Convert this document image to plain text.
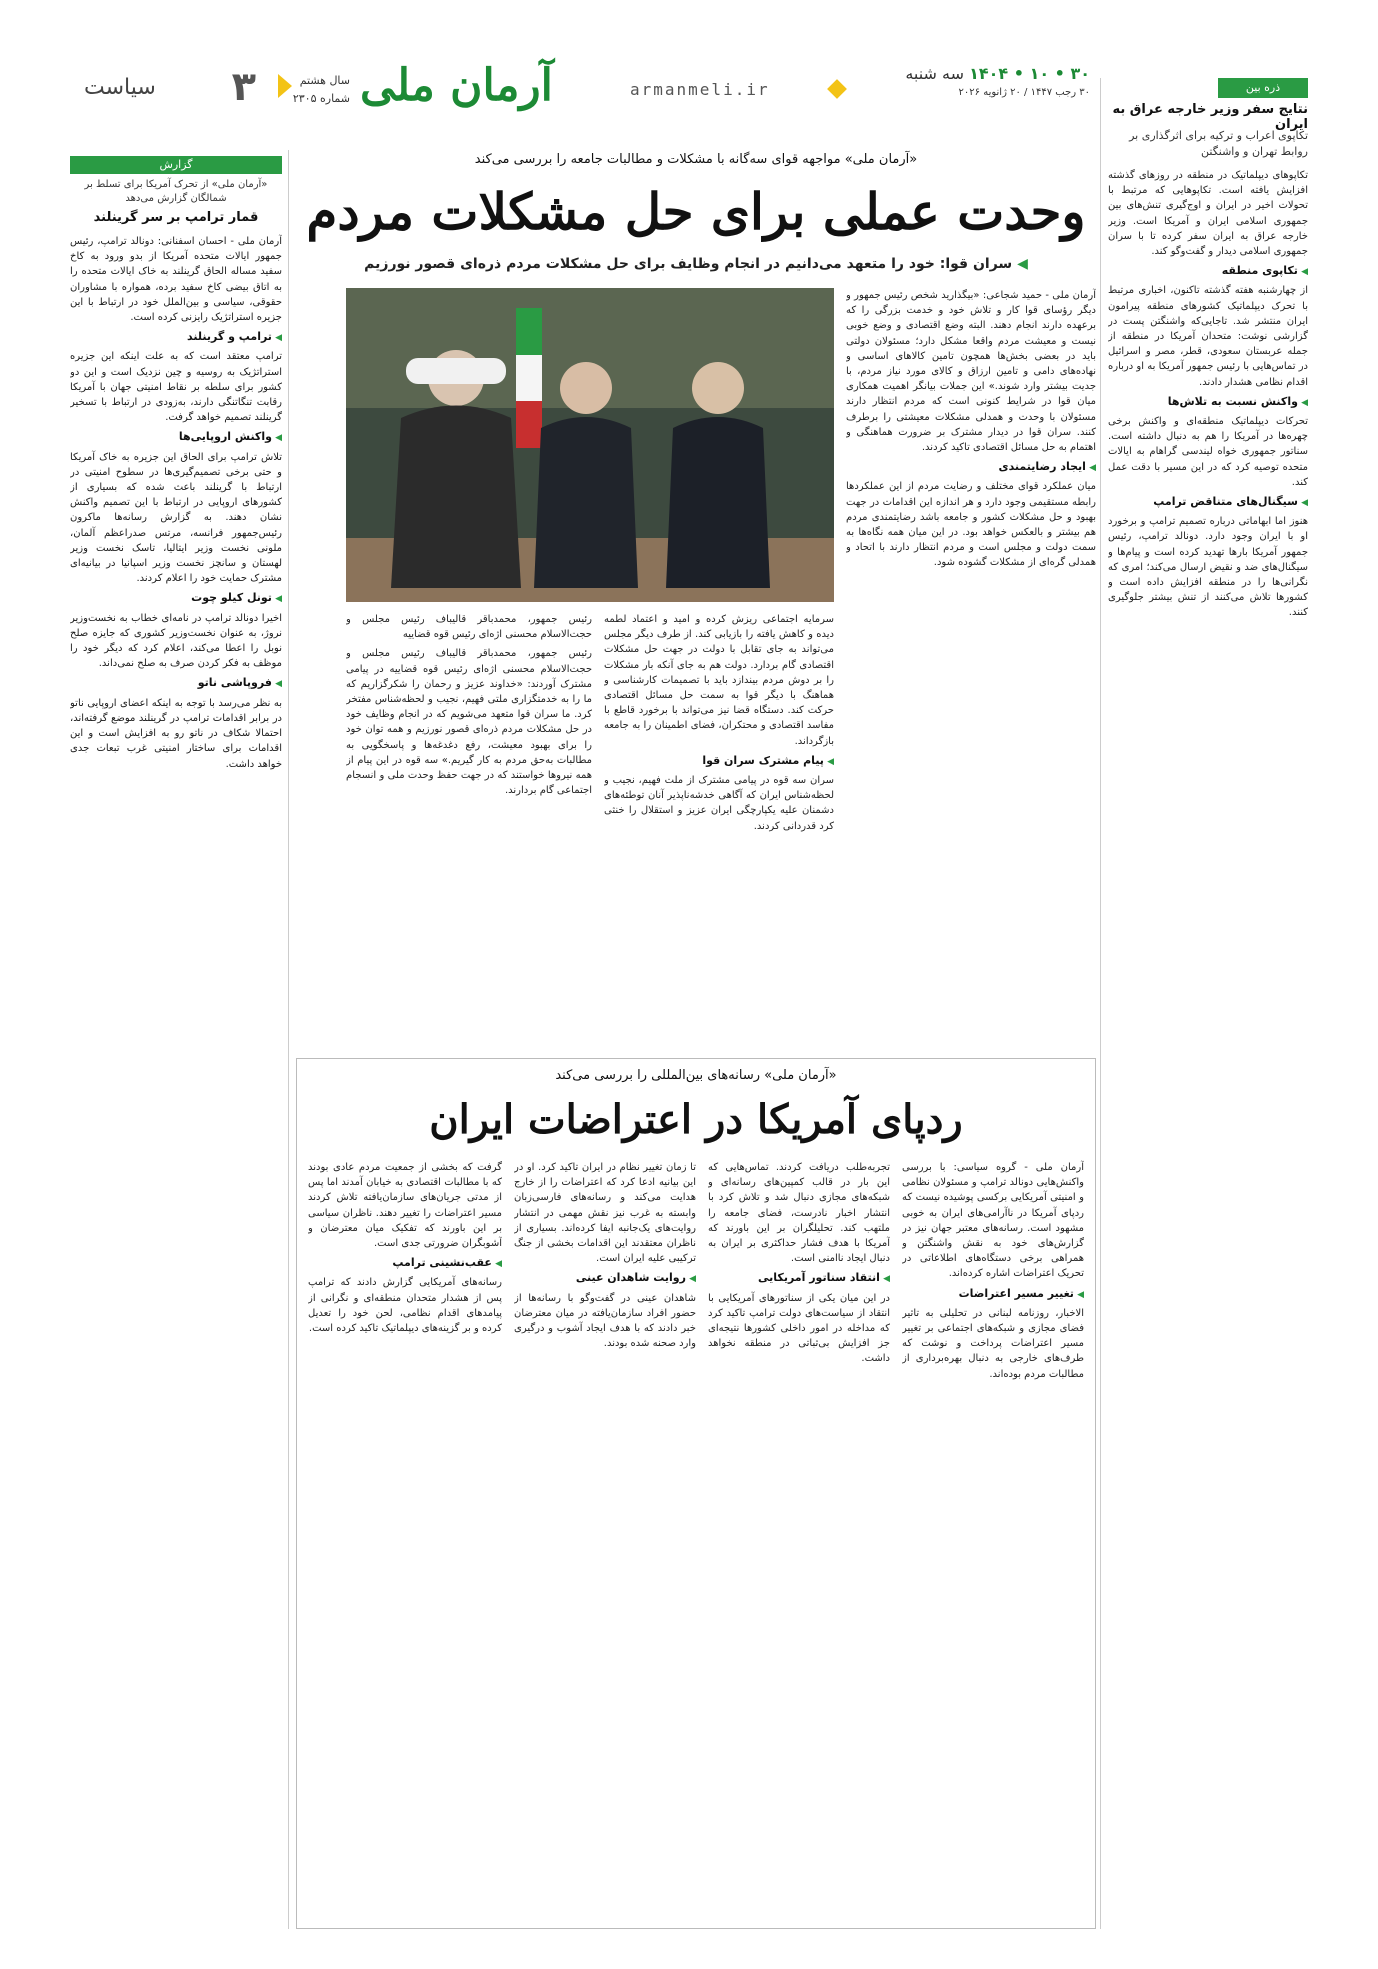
۳
سیاست	سال هشتم
شماره ۲۳۰۵ آرمان ملی	armanmeli.ir
۳۰ • ۱۰ • ۱۴۰۴ سه شنبه
۳۰ رجب ۱۴۴۷ / ۲۰ ژانویه ۲۰۲۶	ذره بین
نتایج سفر وزیر خارجه عراق به ایران
تکاپوی اعراب و ترکیه برای اثرگذاری بر روابط تهران و واشنگتن

تکاپوهای دیپلماتیک در منطقه در روزهای گذشته افزایش یافته است. تکاپوهایی که مرتبط با تحولات اخیر در ایران و اوج‌گیری تنش‌های بین جمهوری اسلامی ایران و آمریکا است. وزیر خارجه عراق به ایران سفر کرده تا با سران جمهوری اسلامی دیدار و گفت‌وگو کند.

◀ تکاپوی منطقه

از چهارشنبه هفته گذشته تاکنون، اخباری مرتبط با تحرک دیپلماتیک کشورهای منطقه پیرامون ایران منتشر شد. تاجایی‌که واشنگتن پست در گزارشی نوشت: متحدان آمریکا در منطقه از جمله عربستان سعودی، قطر، مصر و اسرائیل در تماس‌هایی با رئیس جمهور آمریکا به او درباره اقدام نظامی هشدار دادند.

◀ واکنش نسبت به تلاش‌ها

تحرکات دیپلماتیک منطقه‌ای و واکنش برخی چهره‌ها در آمریکا را هم به دنبال داشته است. سناتور جمهوری خواه لیندسی گراهام به ایالات متحده توصیه کرد که در این مسیر با دقت عمل کند.

◀ سیگنال‌های متناقض ترامپ

هنوز اما ابهاماتی درباره تصمیم ترامپ و برخورد او با ایران وجود دارد. دونالد ترامپ، رئیس جمهور آمریکا بارها تهدید کرده است و پیام‌ها و سیگنال‌های ضد و نقیض ارسال می‌کند؛ امری که نگرانی‌ها را در منطقه افزایش داده است و کشورها تلاش می‌کنند از تنش بیشتر جلوگیری کنند.

گزارش
«آرمان ملی» از تحرک آمریکا برای تسلط بر شمالگان گزارش می‌دهد
قمار ترامپ بر سر گرینلند

آرمان ملی - احسان اسفنانی: دونالد ترامپ، رئیس جمهور ایالات متحده آمریکا از بدو ورود به کاخ سفید مساله الحاق گرینلند به خاک ایالات متحده را به اتاق بیضی کاخ سفید برده، همواره با مشاوران حقوقی، سیاسی و بین‌الملل خود در ارتباط با این جزیره استراتژیک رایزنی کرده است.

◀ ترامپ و گرینلند

ترامپ معتقد است که به علت اینکه این جزیره استراتژیک به روسیه و چین نزدیک است و این دو کشور برای سلطه بر نقاط امنیتی جهان با آمریکا رقابت تنگاتنگی دارند، به‌زودی در ارتباط با تسخیر گرینلند تصمیم خواهد گرفت.

◀ واکنش اروپایی‌ها

تلاش ترامپ برای الحاق این جزیره به خاک آمریکا و حتی برخی تصمیم‌گیری‌ها در سطوح امنیتی در ارتباط با گرینلند باعث شده که بسیاری از کشورهای اروپایی در ارتباط با این تصمیم واکنش نشان دهند. به گزارش رسانه‌ها ماکرون رئیس‌جمهور فرانسه، مرتس صدراعظم آلمان، ملونی نخست وزیر ایتالیا، تاسک نخست وزیر لهستان و سانچز نخست وزیر اسپانیا در بیانیه‌ای مشترک حمایت خود را اعلام کردند.

◀ تونل کیلو چوت

اخیرا دونالد ترامپ در نامه‌ای خطاب به نخست‌وزیر نروژ، به عنوان نخست‌وزیر کشوری که جایزه صلح نوبل را اعطا می‌کند، اعلام کرد که دیگر خود را موظف به فکر کردن صرف به صلح نمی‌داند.

◀ فروپاشی ناتو

به نظر می‌رسد با توجه به اینکه اعضای اروپایی ناتو در برابر اقدامات ترامپ در گرینلند موضع گرفته‌اند، احتمالا شکاف در ناتو رو به افزایش است و این اقدامات برای ساختار امنیتی غرب تبعات جدی خواهد داشت.

«آرمان ملی» مواجهه قوای سه‌گانه با مشکلات و مطالبات جامعه را بررسی می‌کند
وحدت عملی برای حل مشکلات مردم
◀ سران قوا: خود را متعهد می‌دانیم در انجام وظایف برای حل مشکلات مردم ذره‌ای قصور نورزیم

آرمان ملی - حمید شجاعی: «بیگذارید شخص رئیس جمهور و دیگر رؤسای قوا کار و تلاش خود و خدمت بزرگی را که برعهده دارند انجام دهند. البته وضع اقتصادی و وضع خوبی نیست و معیشت مردم واقعا مشکل دارد؛ مسئولان دولتی باید در بعضی بخش‌ها همچون تامین کالاهای اساسی و نهاده‌های دامی و تامین ارزاق و کالای مورد نیاز مردم، با جدیت بیشتر وارد شوند.» این جملات بیانگر اهمیت همکاری میان قوا در شرایط کنونی است که مردم انتظار دارند مسئولان با وحدت و همدلی مشکلات معیشتی را برطرف کنند. سران قوا در دیدار مشترک بر ضرورت هماهنگی و اهتمام به حل مسائل اقتصادی تاکید کردند.

◀ ایجاد رضایتمندی

میان عملکرد قوای مختلف و رضایت مردم از این عملکردها رابطه مستقیمی وجود دارد و هر اندازه این اقدامات در جهت بهبود و حل مشکلات کشور و جامعه باشد رضایتمندی مردم هم بیشتر و بالعکس خواهد بود. در این میان همه نگاه‌ها به سمت دولت و مجلس است و مردم انتظار دارند با اتحاد و همدلی گره‌ای از مشکلات گشوده شود.

سرمایه اجتماعی ریزش کرده و امید و اعتماد لطمه دیده و کاهش یافته را بازیابی کند. از طرف دیگر مجلس می‌تواند به جای تقابل با دولت در جهت حل مشکلات اقتصادی گام بردارد. دولت هم به جای آنکه بار مشکلات را بر دوش مردم بیندازد باید با تصمیمات کارشناسی و هماهنگ با دیگر قوا به سمت حل مسائل اقتصادی حرکت کند. دستگاه قضا نیز می‌تواند با برخورد قاطع با مفاسد اقتصادی و محتکران، فضای اطمینان را به جامعه بازگرداند.

◀ پیام مشترک سران قوا

سران سه قوه در پیامی مشترک از ملت فهیم، نجیب و لحظه‌شناس ایران که آگاهی خدشه‌ناپذیر آنان توطئه‌های دشمنان علیه یکپارچگی ایران عزیز و استقلال را خنثی کرد قدردانی کردند.

رئیس جمهور، محمدباقر قالیباف رئیس مجلس و حجت‌الاسلام محسنی اژه‌ای رئیس قوه قضاییه

رئیس جمهور، محمدباقر قالیباف رئیس مجلس و حجت‌الاسلام محسنی اژه‌ای رئیس قوه قضاییه در پیامی مشترک آوردند: «خداوند عزیز و رحمان را شکرگزاریم که ما را به خدمتگزاری ملتی فهیم، نجیب و لحظه‌شناس مفتخر کرد. ما سران قوا متعهد می‌شویم که در انجام وظایف خود در حل مشکلات مردم ذره‌ای قصور نورزیم و همه توان خود را برای بهبود معیشت، رفع دغدغه‌ها و پاسخگویی به مطالبات به‌حق مردم به کار گیریم.» سه قوه در این پیام از همه نیروها خواستند که در جهت حفظ وحدت ملی و انسجام اجتماعی گام بردارند.

«آرمان ملی» رسانه‌های بین‌المللی را بررسی می‌کند
ردپای آمریکا در اعتراضات ایران

آرمان ملی - گروه سیاسی: با بررسی واکنش‌هایی دونالد ترامپ و مسئولان نظامی و امنیتی آمریکایی برکسی پوشیده نیست که ردپای آمریکا در ناآرامی‌های ایران به خوبی مشهود است. رسانه‌های معتبر جهان نیز در گزارش‌های خود به نقش واشنگتن و همراهی برخی دستگاه‌های اطلاعاتی در تحریک اعتراضات اشاره کرده‌اند.

◀ تغییر مسیر اعتراضات

الاخبار، روزنامه لبنانی در تحلیلی به تاثیر فضای مجازی و شبکه‌های اجتماعی بر تغییر مسیر اعتراضات پرداخت و نوشت که طرف‌های خارجی به دنبال بهره‌برداری از مطالبات مردم بوده‌اند.

تجربه‌طلب دریافت کردند. تماس‌هایی که این بار در قالب کمپین‌های رسانه‌ای و شبکه‌های مجازی دنبال شد و تلاش کرد با انتشار اخبار نادرست، فضای جامعه را ملتهب کند. تحلیلگران بر این باورند که آمریکا با هدف فشار حداکثری بر ایران به دنبال ایجاد ناامنی است.

◀ انتقاد سناتور آمریکایی

در این میان یکی از سناتورهای آمریکایی با انتقاد از سیاست‌های دولت ترامپ تاکید کرد که مداخله در امور داخلی کشورها نتیجه‌ای جز افزایش بی‌ثباتی در منطقه نخواهد داشت.

تا زمان تغییر نظام در ایران تاکید کرد. او در این بیانیه ادعا کرد که اعتراضات را از خارج هدایت می‌کند و رسانه‌های فارسی‌زبان وابسته به غرب نیز نقش مهمی در انتشار روایت‌های یک‌جانبه ایفا کرده‌اند. بسیاری از ناظران معتقدند این اقدامات بخشی از جنگ ترکیبی علیه ایران است.

◀ روایت شاهدان عینی

شاهدان عینی در گفت‌وگو با رسانه‌ها از حضور افراد سازمان‌یافته در میان معترضان خبر دادند که با هدف ایجاد آشوب و درگیری وارد صحنه شده بودند.

گرفت که بخشی از جمعیت مردم عادی بودند که با مطالبات اقتصادی به خیابان آمدند اما پس از مدتی جریان‌های سازمان‌یافته تلاش کردند مسیر اعتراضات را تغییر دهند. ناظران سیاسی بر این باورند که تفکیک میان معترضان و آشوبگران ضرورتی جدی است.

◀ عقب‌نشینی ترامپ

رسانه‌های آمریکایی گزارش دادند که ترامپ پس از هشدار متحدان منطقه‌ای و نگرانی از پیامدهای اقدام نظامی، لحن خود را تعدیل کرده و بر گزینه‌های دیپلماتیک تاکید کرده است.
